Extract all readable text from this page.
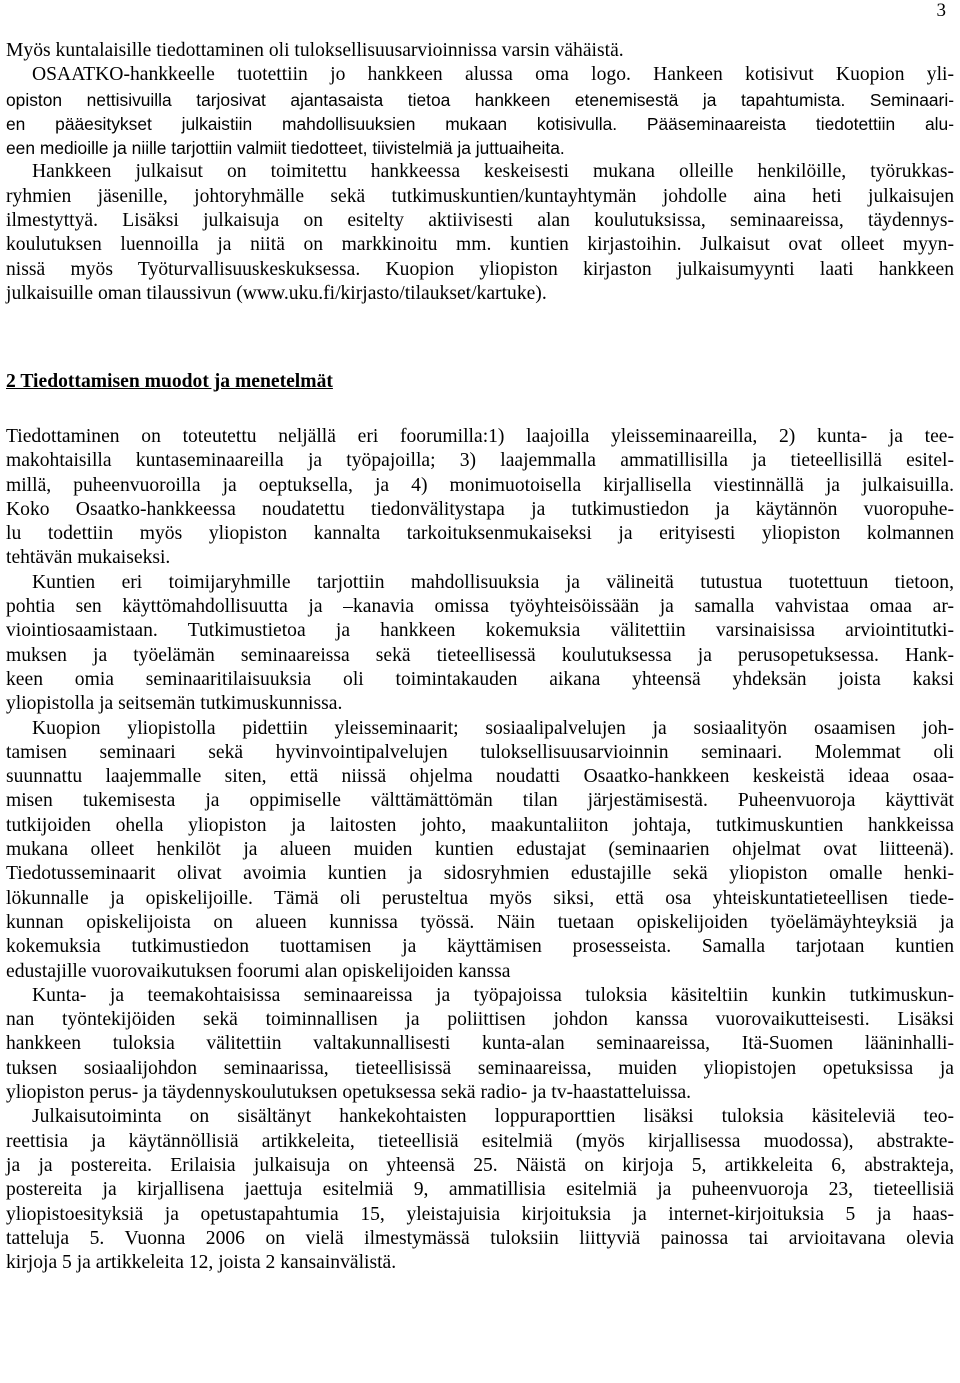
3
Myös kuntalaisille tiedottaminen oli tuloksellisuusarvioinnissa varsin vähäistä.
OSAATKO-hankkeelle tuotettiin jo hankkeen alussa oma logo. Hankeen kotisivut Kuopion yli-
opiston nettisivuilla tarjosivat ajantasaista tietoa hankkeen etenemisestä ja tapahtumista. Seminaari-
en pääesitykset julkaistiin mahdollisuuksien mukaan kotisivulla. Pääseminaareista tiedotettiin alu-
een medioille ja niille tarjottiin valmiit tiedotteet, tiivistelmiä ja juttuaiheita.
Hankkeen julkaisut on toimitettu hankkeessa keskeisesti mukana olleille henkilöille, työrukkas-
ryhmien jäsenille, johtoryhmälle sekä tutkimuskuntien/kuntayhtymän johdolle aina heti julkaisujen
ilmestyttyä. Lisäksi julkaisuja on esitelty aktiivisesti alan koulutuksissa, seminaareissa, täydennys-
koulutuksen luennoilla ja niitä on markkinoitu mm. kuntien kirjastoihin. Julkaisut ovat olleet myyn-
nissä myös Työturvallisuuskeskuksessa. Kuopion yliopiston kirjaston julkaisumyynti laati hankkeen
julkaisuille oman tilaussivun (www.uku.fi/kirjasto/tilaukset/kartuke).
2 Tiedottamisen muodot ja menetelmät
Tiedottaminen on toteutettu neljällä eri foorumilla:1) laajoilla yleisseminaareilla, 2) kunta- ja tee-
makohtaisilla kuntaseminaareilla ja työpajoilla; 3) laajemmalla ammatillisilla ja tieteellisillä esitel-
millä, puheenvuoroilla ja oeptuksella, ja 4) monimuotoisella kirjallisella viestinnällä ja julkaisuilla.
Koko Osaatko-hankkeessa noudatettu tiedonvälitystapa ja tutkimustiedon ja käytännön vuoropuhe-
lu todettiin myös yliopiston kannalta tarkoituksenmukaiseksi ja erityisesti yliopiston kolmannen
tehtävän mukaiseksi.
Kuntien eri toimijaryhmille tarjottiin mahdollisuuksia ja välineitä tutustua tuotettuun tietoon,
pohtia sen käyttömahdollisuutta ja –kanavia omissa työyhteisöissään ja samalla vahvistaa omaa ar-
viointiosaamistaan. Tutkimustietoa ja hankkeen kokemuksia välitettiin varsinaisissa arviointitutki-
muksen ja työelämän seminaareissa sekä tieteellisessä koulutuksessa ja perusopetuksessa. Hank-
keen omia seminaaritilaisuuksia oli toimintakauden aikana yhteensä yhdeksän joista kaksi
yliopistolla ja seitsemän tutkimuskunnissa.
Kuopion yliopistolla pidettiin yleisseminaarit; sosiaalipalvelujen ja sosiaalityön osaamisen joh-
tamisen seminaari sekä hyvinvointipalvelujen tuloksellisuusarvioinnin seminaari. Molemmat oli
suunnattu laajemmalle siten, että niissä ohjelma noudatti Osaatko-hankkeen keskeistä ideaa osaa-
misen tukemisesta ja oppimiselle välttämättömän tilan järjestämisestä. Puheenvuoroja käyttivät
tutkijoiden ohella yliopiston ja laitosten johto, maakuntaliiton johtaja, tutkimuskuntien hankkeissa
mukana olleet henkilöt ja alueen muiden kuntien edustajat (seminaarien ohjelmat ovat liitteenä).
Tiedotusseminaarit olivat avoimia kuntien ja sidosryhmien edustajille sekä yliopiston omalle henki-
lökunnalle ja opiskelijoille. Tämä oli perusteltua myös siksi, että osa yhteiskuntatieteellisen tiede-
kunnan opiskelijoista on alueen kunnissa työssä. Näin tuetaan opiskelijoiden työelämäyhteyksiä ja
kokemuksia tutkimustiedon tuottamisen ja käyttämisen prosesseista. Samalla tarjotaan kuntien
edustajille vuorovaikutuksen foorumi alan opiskelijoiden kanssa
Kunta- ja teemakohtaisissa seminaareissa ja työpajoissa tuloksia käsiteltiin kunkin tutkimuskun-
nan työntekijöiden sekä toiminnallisen ja poliittisen johdon kanssa vuorovaikutteisesti. Lisäksi
hankkeen tuloksia välitettiin valtakunnallisesti kunta-alan seminaareissa, Itä-Suomen lääninhalli-
tuksen sosiaalijohdon seminaarissa, tieteellisissä seminaareissa, muiden yliopistojen opetuksissa ja
yliopiston perus- ja täydennyskoulutuksen opetuksessa sekä radio- ja tv-haastatteluissa.
Julkaisutoiminta on sisältänyt hankekohtaisten loppuraporttien lisäksi tuloksia käsiteleviä teo-
reettisia ja käytännöllisiä artikkeleita, tieteellisiä esitelmiä (myös kirjallisessa muodossa), abstrakte-
ja ja postereita. Erilaisia julkaisuja on yhteensä 25. Näistä on kirjoja 5, artikkeleita 6, abstrakteja,
postereita ja kirjallisena jaettuja esitelmiä 9, ammatillisia esitelmiä ja puheenvuoroja 23, tieteellisiä
yliopistoesityksiä ja opetustapahtumia 15, yleistajuisia kirjoituksia ja internet-kirjoituksia 5 ja haas-
tatteluja 5. Vuonna 2006 on vielä ilmestymässä tuloksiin liittyviä painossa tai arvioitavana olevia
kirjoja 5 ja artikkeleita 12, joista 2 kansainvälistä.
